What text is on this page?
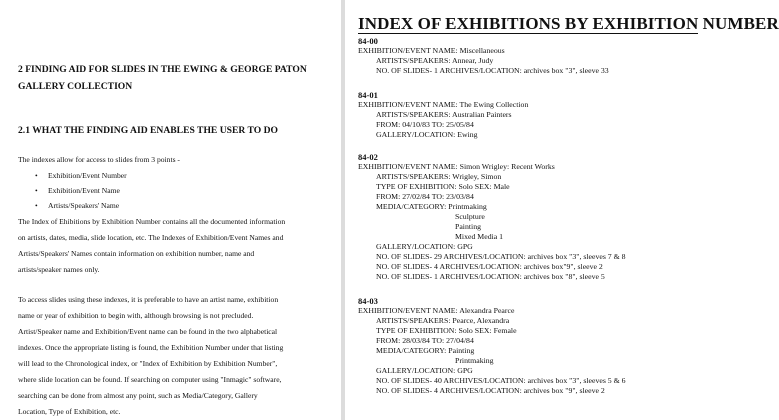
2 FINDING AID FOR SLIDES IN THE EWING & GEORGE PATON
GALLERY COLLECTION
2.1 WHAT THE FINDING AID ENABLES THE USER TO DO
The indexes allow for access to slides from 3 points -
• Exhibition/Event Number
• Exhibition/Event Name
• Artists/Speakers' Name
The Index of Ehibitions by Exhibition Number contains all the documented information
on artists, dates, media, slide location, etc. The Indexes of Exhibition/Event Names and
Artists/Speakers' Names contain information on exhibition number, name and
artists/speaker names only.
To access slides using these indexes, it is preferable to have an artist name, exhibition
name or year of exhibition to begin with, although browsing is not precluded.
Artist/Speaker name and Exhibition/Event name can be found in the two alphabetical
indexes. Once the appropriate listing is found, the Exhibition Number under that listing
will lead to the Chronological index, or "Index of Exhibition by Exhibition Number",
where slide location can be found. If searching on computer using "Inmagic" software,
searching can be done from almost any point, such as Media/Category, Gallery
Location, Type of Exhibition, etc.
INDEX OF EXHIBITIONS BY EXHIBITION NUMBER
84-00
EXHIBITION/EVENT NAME: Miscellaneous
ARTISTS/SPEAKERS: Annear, Judy
NO. OF SLIDES- 1 ARCHIVES/LOCATION: archives box "3", sleeve 33
84-01
EXHIBITION/EVENT NAME: The Ewing Collection
ARTISTS/SPEAKERS: Australian Painters
FROM: 04/10/83 TO: 25/05/84
GALLERY/LOCATION: Ewing
84-02
EXHIBITION/EVENT NAME: Simon Wrigley: Recent Works
ARTISTS/SPEAKERS: Wrigley, Simon
TYPE OF EXHIBITION: Solo SEX: Male
FROM: 27/02/84 TO: 23/03/84
MEDIA/CATEGORY: Printmaking
Sculpture
Painting
Mixed Media 1
GALLERY/LOCATION: GPG
NO. OF SLIDES- 29 ARCHIVES/LOCATION: archives box "3", sleeves 7 & 8
NO. OF SLIDES- 4 ARCHIVES/LOCATION: archives box"9", sleeve 2
NO. OF SLIDES- 1 ARCHIVES/LOCATION: archives box "8", sleeve 5
84-03
EXHIBITION/EVENT NAME: Alexandra Pearce
ARTISTS/SPEAKERS: Pearce, Alexandra
TYPE OF EXHIBITION: Solo SEX: Female
FROM: 28/03/84 TO: 27/04/84
MEDIA/CATEGORY: Painting
Printmaking
GALLERY/LOCATION: GPG
NO. OF SLIDES- 40 ARCHIVES/LOCATION: archives box "3", sleeves 5 & 6
NO. OF SLIDES- 4 ARCHIVES/LOCATION: archives box "9", sleeve 2
